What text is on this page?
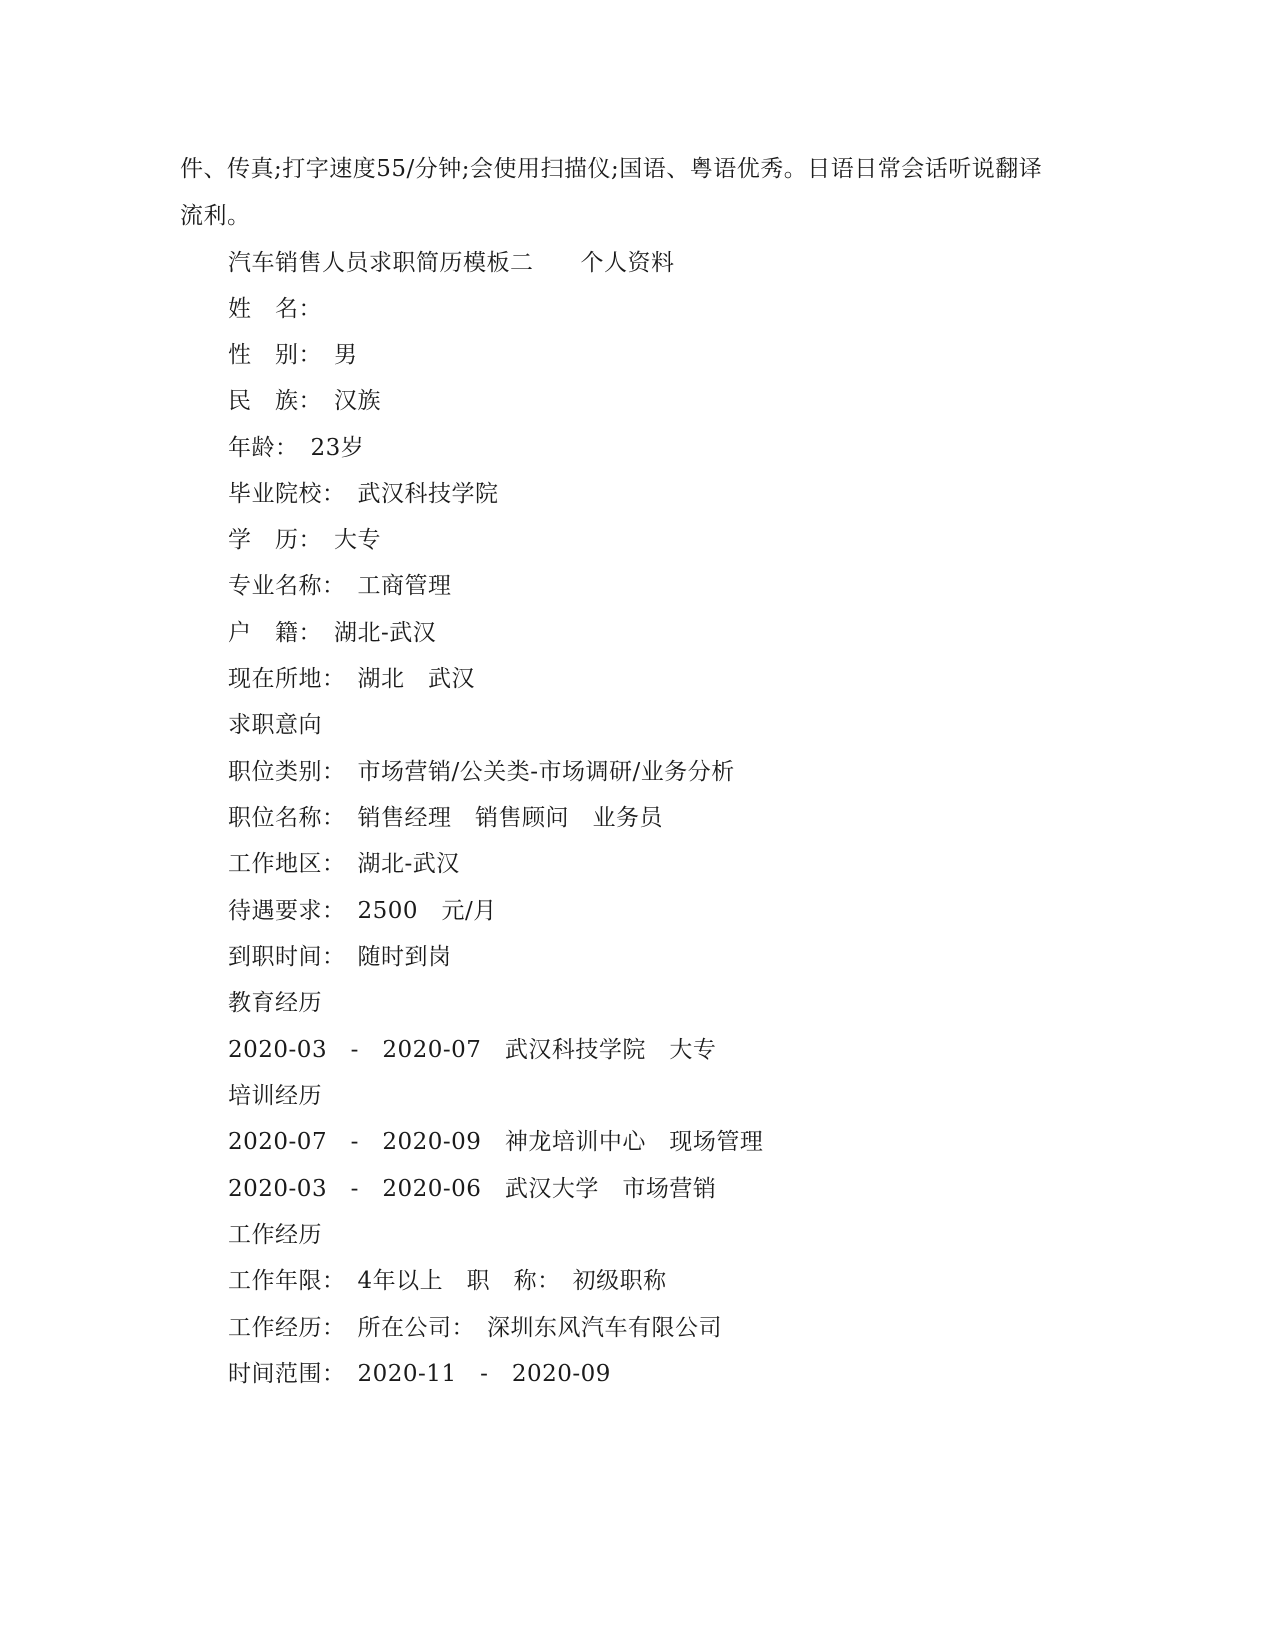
件、传真;打字速度55/分钟;会使用扫描仪;国语、粤语优秀。日语日常会话听说翻译流利。
汽车销售人员求职简历模板二　　个人资料
姓　名：
性　别：　男
民　族：　汉族
年龄：　23岁
毕业院校：　武汉科技学院
学　历：　大专
专业名称：　工商管理
户　籍：　湖北-武汉
现在所地：　湖北　武汉
求职意向
职位类别：　市场营销/公关类-市场调研/业务分析
职位名称：　销售经理　销售顾问　业务员
工作地区：　湖北-武汉
待遇要求：　2500　元/月
到职时间：　随时到岗
教育经历
2020-03　-　2020-07　武汉科技学院　大专
培训经历
2020-07　-　2020-09　神龙培训中心　现场管理
2020-03　-　2020-06　武汉大学　市场营销
工作经历
工作年限：　4年以上　职　称：　初级职称
工作经历：　所在公司：　深圳东风汽车有限公司
时间范围：　2020-11　-　2020-09
